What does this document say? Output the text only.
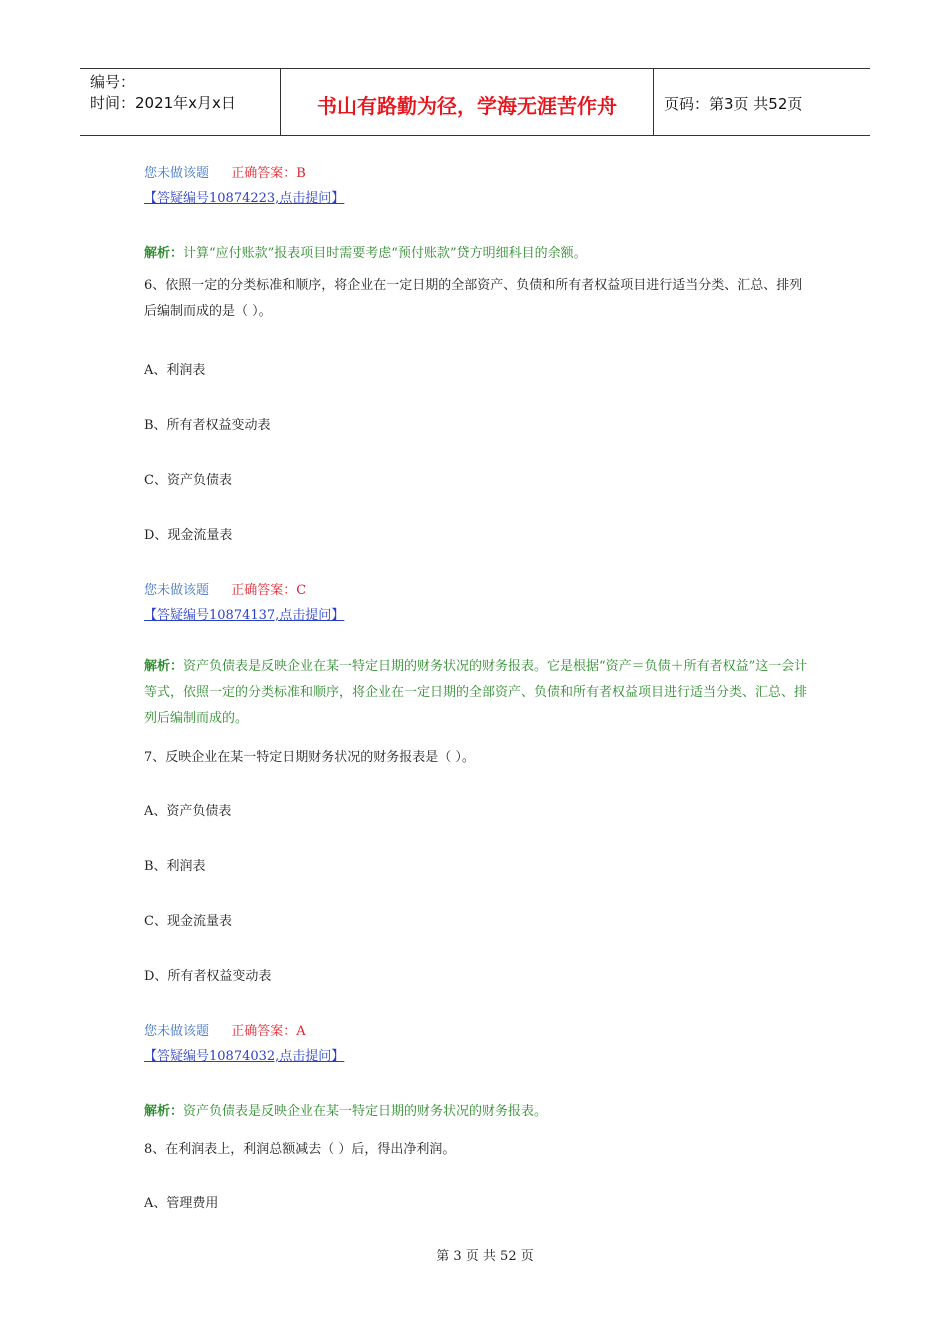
编号：
时间：2021年x月x日	书山有路勤为径，学海无涯苦作舟	页码：第3页 共52页
您未做该题 正确答案：B
【答疑编号10874223,点击提问】
解析：计算“应付账款”报表项目时需要考虑“预付账款”贷方明细科目的余额。
6、依照一定的分类标准和顺序，将企业在一定日期的全部资产、负债和所有者权益项目进行适当分类、汇总、排列后编制而成的是（ ）。
A、利润表
B、所有者权益变动表
C、资产负债表
D、现金流量表
您未做该题 正确答案：C
【答疑编号10874137,点击提问】
解析：资产负债表是反映企业在某一特定日期的财务状况的财务报表。它是根据“资产＝负债＋所有者权益”这一会计等式，依照一定的分类标准和顺序，将企业在一定日期的全部资产、负债和所有者权益项目进行适当分类、汇总、排列后编制而成的。
7、反映企业在某一特定日期财务状况的财务报表是（ ）。
A、资产负债表
B、利润表
C、现金流量表
D、所有者权益变动表
您未做该题 正确答案：A
【答疑编号10874032,点击提问】
解析：资产负债表是反映企业在某一特定日期的财务状况的财务报表。
8、在利润表上，利润总额减去（ ）后，得出净利润。
A、管理费用
第 3 页 共 52 页
